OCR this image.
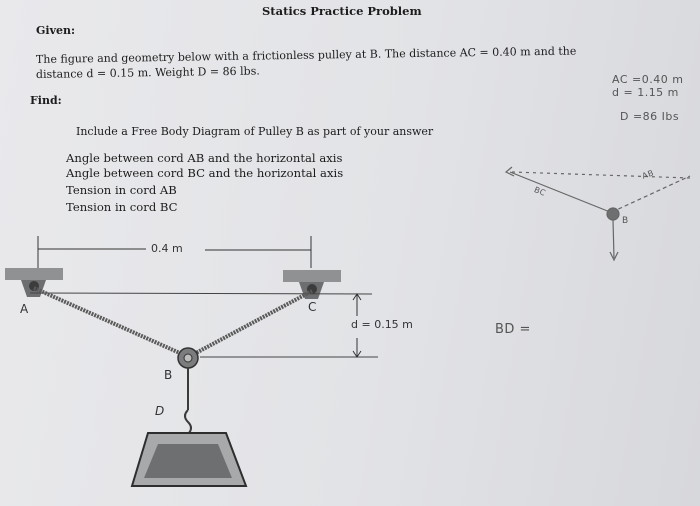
Statics Practice Problem
Given:
The figure and geometry below with a frictionless pulley at B. The distance AC = 0.40 m and the
distance d = 0.15 m. Weight D = 86 lbs.
Find:
Include a Free Body Diagram of Pulley B as part of your answer
Angle between cord AB and the horizontal axis
Angle between cord BC and the horizontal axis
Tension in cord AB
Tension in cord BC
AC =0.40 m
d = 1.15 m
D =86 Ibs
BD =
A	C
B
D
0.4 m
d = 0.15 m
BC
AB
B
